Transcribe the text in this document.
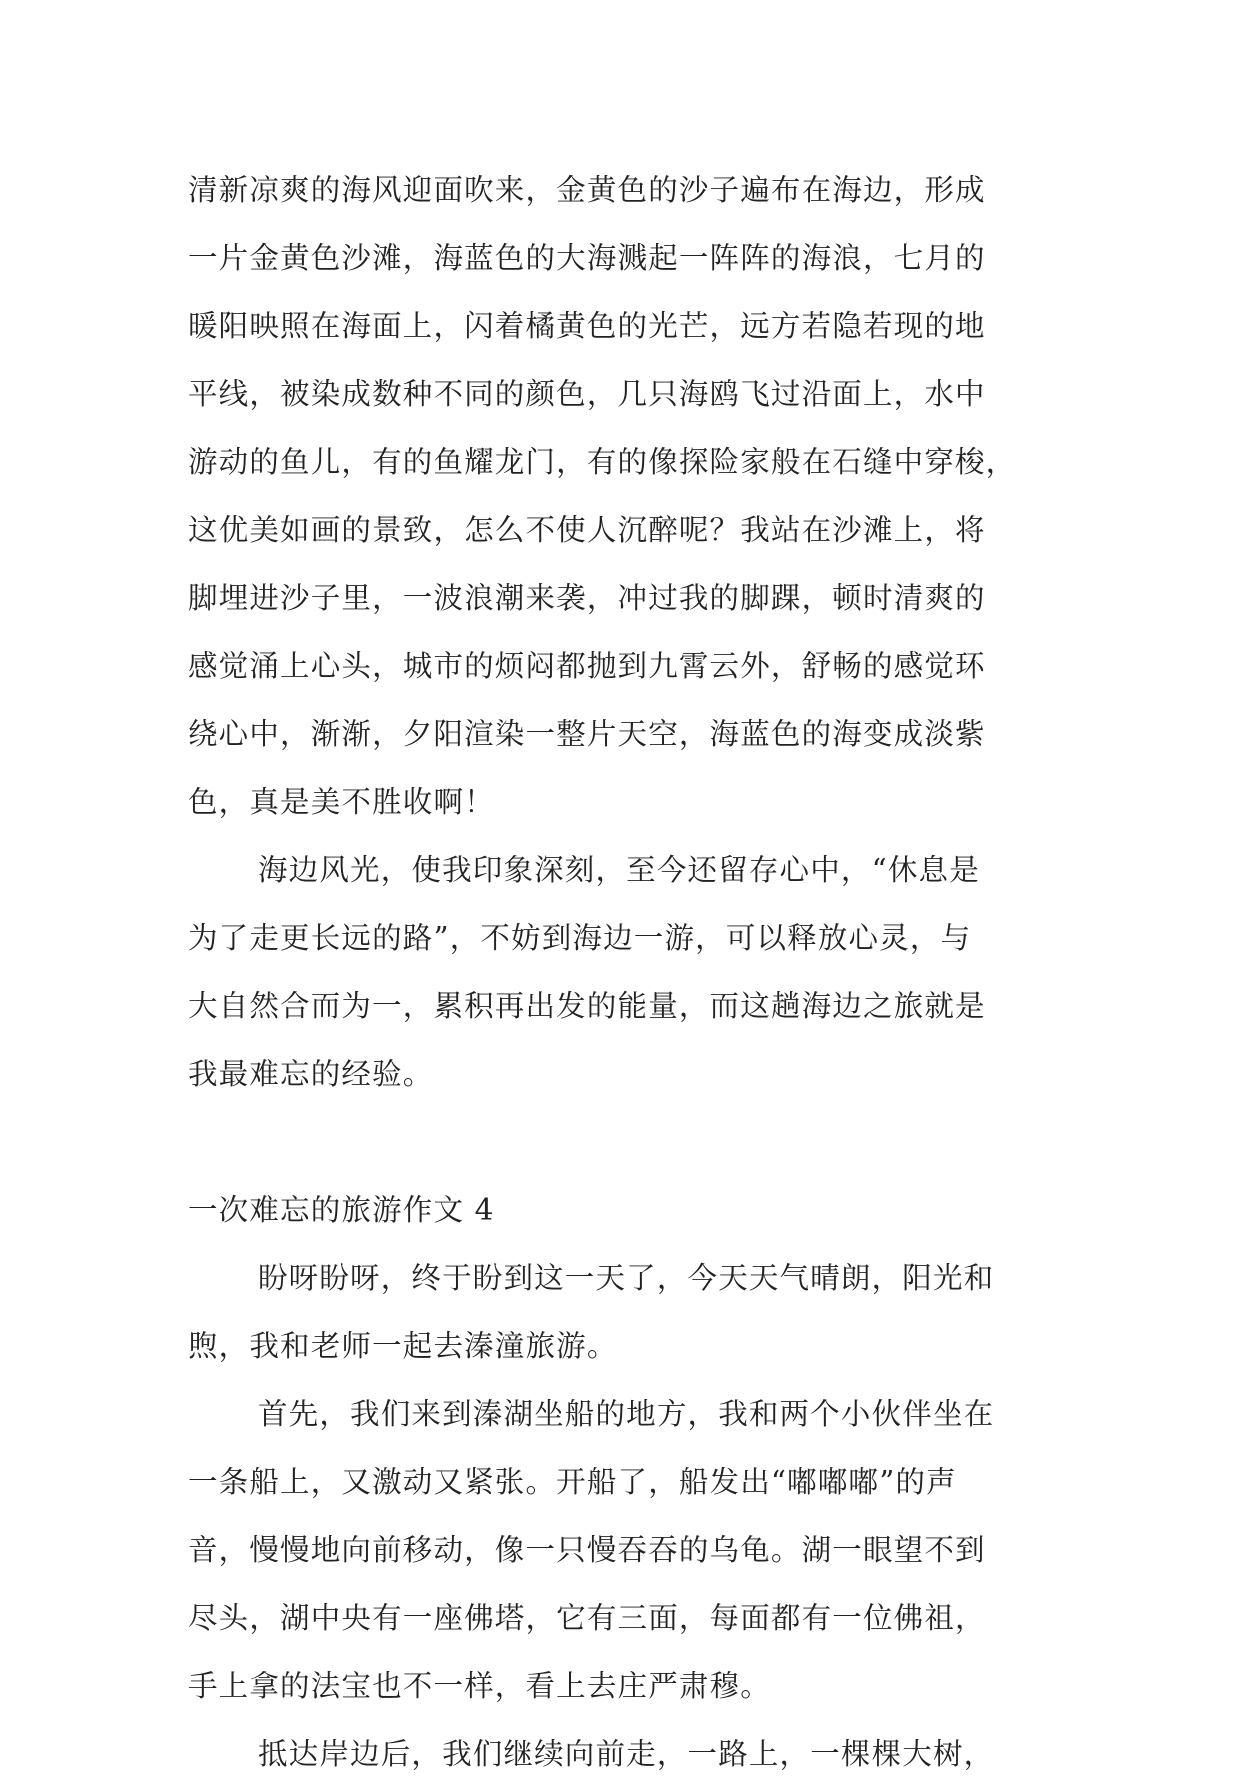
清新凉爽的海风迎面吹来，金黄色的沙子遍布在海边，形成
一片金黄色沙滩，海蓝色的大海溅起一阵阵的海浪，七月的
暖阳映照在海面上，闪着橘黄色的光芒，远方若隐若现的地
平线，被染成数种不同的颜色，几只海鸥飞过沿面上，水中
游动的鱼儿，有的鱼耀龙门，有的像探险家般在石缝中穿梭，
这优美如画的景致，怎么不使人沉醉呢？我站在沙滩上，将
脚埋进沙子里，一波浪潮来袭，冲过我的脚踝，顿时清爽的
感觉涌上心头，城市的烦闷都抛到九霄云外，舒畅的感觉环
绕心中，渐渐，夕阳渲染一整片天空，海蓝色的海变成淡紫
色，真是美不胜收啊！
海边风光，使我印象深刻，至今还留存心中，“休息是
为了走更长远的路”，不妨到海边一游，可以释放心灵，与
大自然合而为一，累积再出发的能量，而这趟海边之旅就是
我最难忘的经验。
一次难忘的旅游作文 4
盼呀盼呀，终于盼到这一天了，今天天气晴朗，阳光和
煦，我和老师一起去溱潼旅游。
首先，我们来到溱湖坐船的地方，我和两个小伙伴坐在
一条船上，又激动又紧张。开船了，船发出“嘟嘟嘟”的声
音，慢慢地向前移动，像一只慢吞吞的乌龟。湖一眼望不到
尽头，湖中央有一座佛塔，它有三面，每面都有一位佛祖，
手上拿的法宝也不一样，看上去庄严肃穆。
抵达岸边后，我们继续向前走，一路上，一棵棵大树，
